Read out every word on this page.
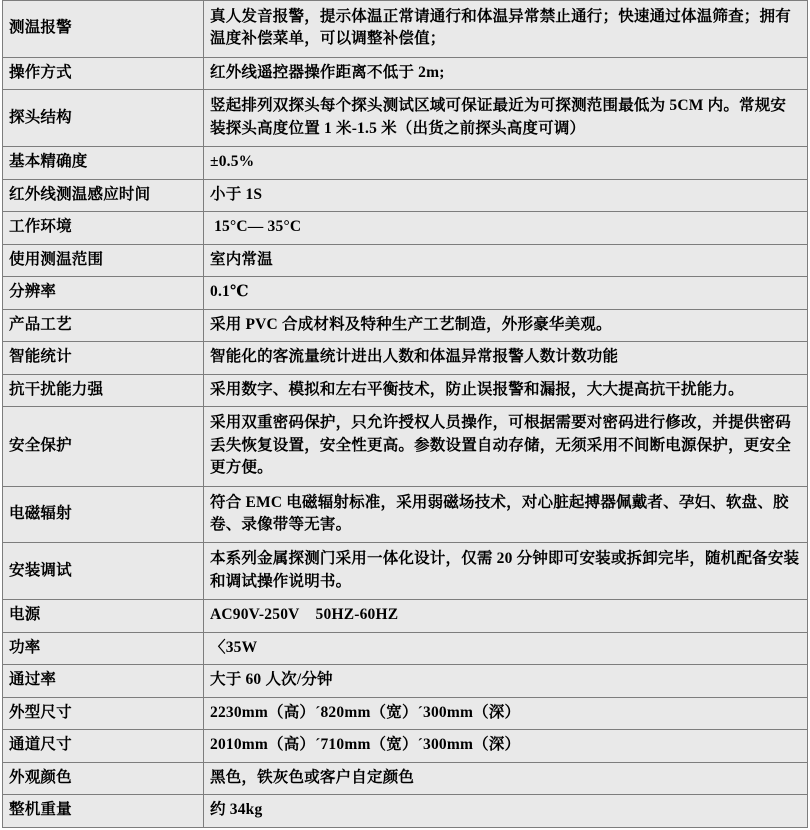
测温报警	真人发音报警，提示体温正常请通行和体温异常禁止通行；快速通过体温筛查；拥有温度补偿菜单，可以调整补偿值；

操作方式	红外线遥控器操作距离不低于 2m;

探头结构	竖起排列双探头每个探头测试区域可保证最近为可探测范围最低为 5CM 内。常规安装探头高度位置 1 米-1.5 米（出货之前探头高度可调）

基本精确度	±0.5%

红外线测温感应时间	小于 1S

工作环境	15°C— 35°C

使用测温范围	室内常温

分辨率	0.1℃

产品工艺	采用 PVC 合成材料及特种生产工艺制造，外形豪华美观。

智能统计	智能化的客流量统计进出人数和体温异常报警人数计数功能

抗干扰能力强	采用数字、模拟和左右平衡技术，防止误报警和漏报，大大提高抗干扰能力。

安全保护	采用双重密码保护，只允许授权人员操作，可根据需要对密码进行修改，并提供密码丢失恢复设置，安全性更高。参数设置自动存储，无须采用不间断电源保护，更安全更方便。

电磁辐射	符合 EMC 电磁辐射标准，采用弱磁场技术，对心脏起搏器佩戴者、孕妇、软盘、胶卷、录像带等无害。

安装调试	本系列金属探测门采用一体化设计，仅需 20 分钟即可安装或拆卸完毕，随机配备安装和调试操作说明书。

电源	AC90V-250V    50HZ-60HZ

功率	〈35W

通过率	大于 60 人次/分钟

外型尺寸	2230mm（高）´820mm（宽）´300mm（深）

通道尺寸	2010mm（高）´710mm（宽）´300mm（深）

外观颜色	黑色，铁灰色或客户自定颜色

整机重量	约 34kg
